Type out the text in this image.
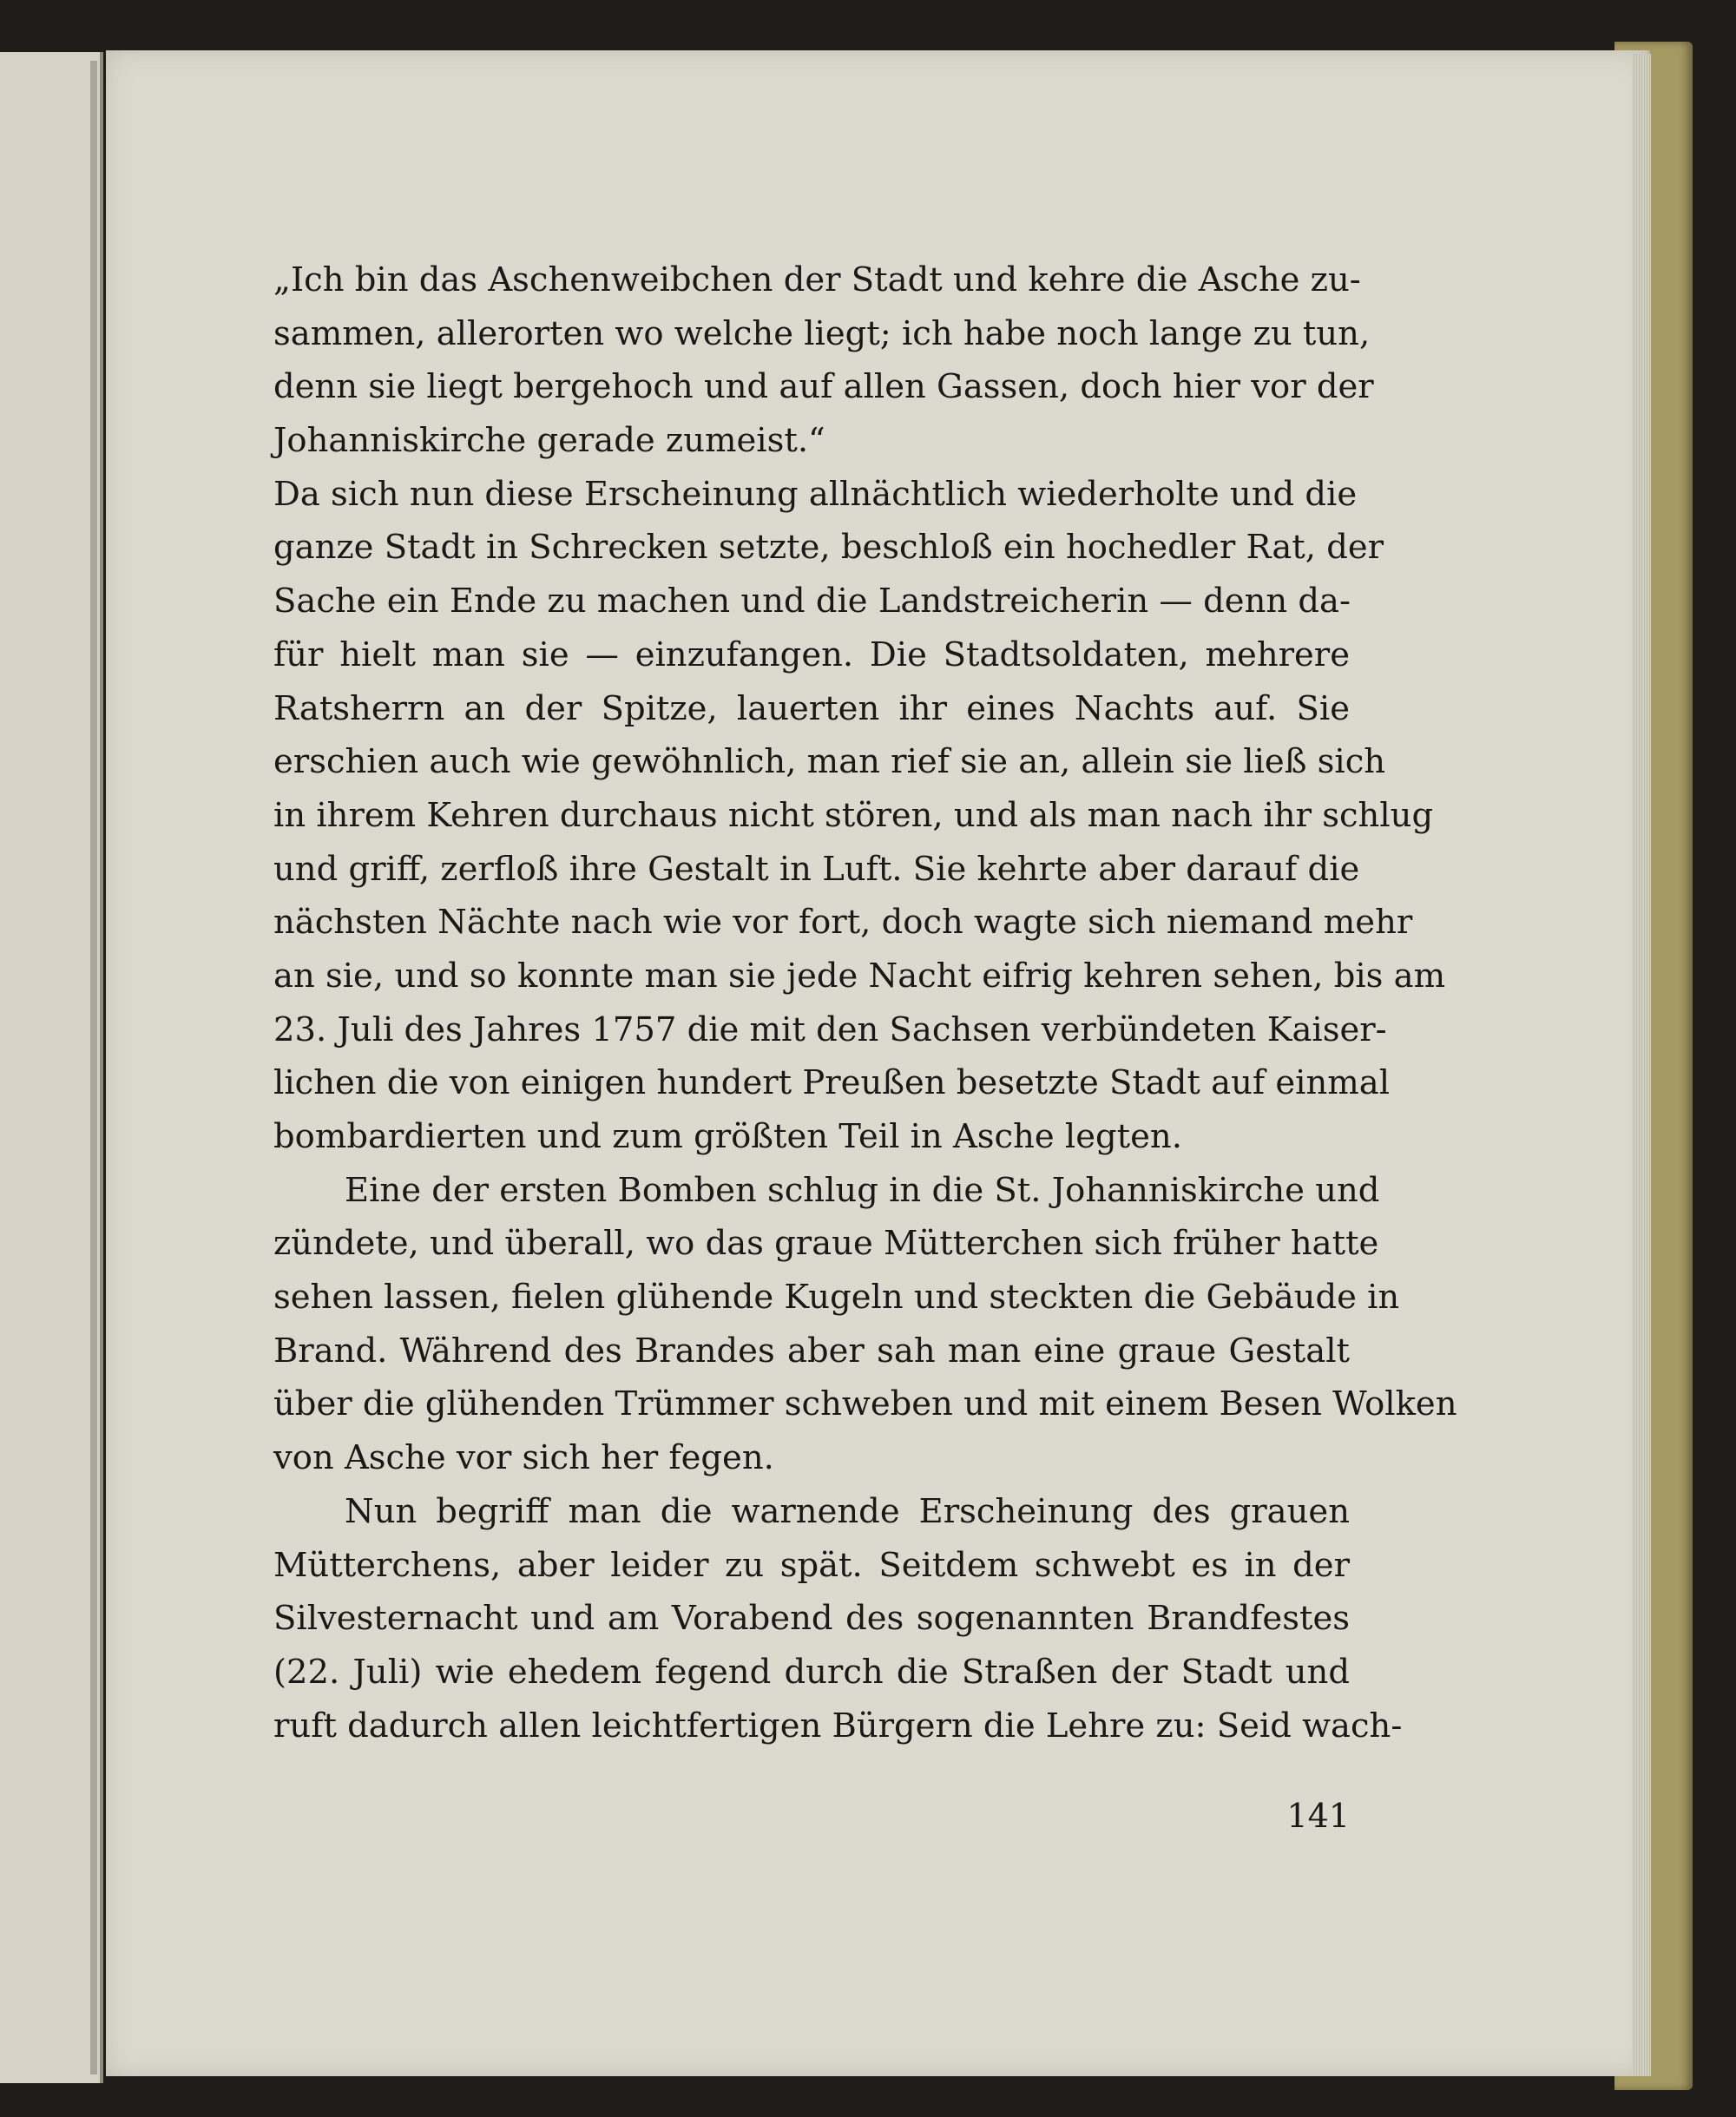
„Ich bin das Aschenweibchen der Stadt und kehre die Asche zu-
sammen, allerorten wo welche liegt; ich habe noch lange zu tun,
denn sie liegt bergehoch und auf allen Gassen, doch hier vor der
Johanniskirche gerade zumeist.“
Da sich nun diese Erscheinung allnächtlich wiederholte und die
ganze Stadt in Schrecken setzte, beschloß ein hochedler Rat, der
Sache ein Ende zu machen und die Landstreicherin — denn da-
für hielt man sie — einzufangen. Die Stadtsoldaten, mehrere
Ratsherrn an der Spitze, lauerten ihr eines Nachts auf. Sie
erschien auch wie gewöhnlich, man rief sie an, allein sie ließ sich
in ihrem Kehren durchaus nicht stören, und als man nach ihr schlug
und griff, zerfloß ihre Gestalt in Luft. Sie kehrte aber darauf die
nächsten Nächte nach wie vor fort, doch wagte sich niemand mehr
an sie, und so konnte man sie jede Nacht eifrig kehren sehen, bis am
23. Juli des Jahres 1757 die mit den Sachsen verbündeten Kaiser-
lichen die von einigen hundert Preußen besetzte Stadt auf einmal
bombardierten und zum größten Teil in Asche legten.
Eine der ersten Bomben schlug in die St. Johanniskirche und
zündete, und überall, wo das graue Mütterchen sich früher hatte
sehen lassen, fielen glühende Kugeln und steckten die Gebäude in
Brand. Während des Brandes aber sah man eine graue Gestalt
über die glühenden Trümmer schweben und mit einem Besen Wolken
von Asche vor sich her fegen.
Nun begriff man die warnende Erscheinung des grauen
Mütterchens, aber leider zu spät. Seitdem schwebt es in der
Silvesternacht und am Vorabend des sogenannten Brandfestes
(22. Juli) wie ehedem fegend durch die Straßen der Stadt und
ruft dadurch allen leichtfertigen Bürgern die Lehre zu: Seid wach-
141
